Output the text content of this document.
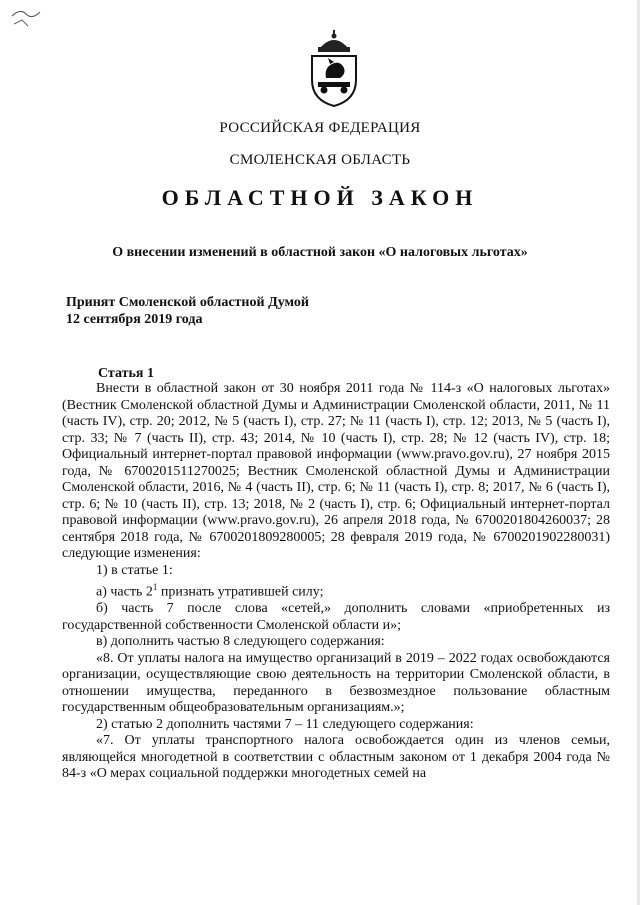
РОССИЙСКАЯ ФЕДЕРАЦИЯ
СМОЛЕНСКАЯ ОБЛАСТЬ
ОБЛАСТНОЙ ЗАКОН
О внесении изменений в областной закон «О налоговых льготах»
Принят Смоленской областной Думой
12 сентября 2019 года
Статья 1

Внести в областной закон от 30 ноября 2011 года № 114-з «О налоговых льготах» (Вестник Смоленской областной Думы и Администрации Смоленской области, 2011, № 11 (часть IV), стр. 20; 2012, № 5 (часть I), стр. 27; № 11 (часть I), стр. 12; 2013, № 5 (часть I), стр. 33; № 7 (часть II), стр. 43; 2014, № 10 (часть I), стр. 28; № 12 (часть IV), стр. 18; Официальный интернет-портал правовой информации (www.pravo.gov.ru), 27 ноября 2015 года, № 6700201511270025; Вестник Смоленской областной Думы и Администрации Смоленской области, 2016, № 4 (часть II), стр. 6; № 11 (часть I), стр. 8; 2017, № 6 (часть I), стр. 6; № 10 (часть II), стр. 13; 2018, № 2 (часть I), стр. 6; Официальный интернет-портал правовой информации (www.pravo.gov.ru), 26 апреля 2018 года, № 6700201804260037; 28 сентября 2018 года, № 6700201809280005; 28 февраля 2019 года, № 6700201902280031) следующие изменения:

1) в статье 1:

а) часть $2^1$ признать утратившей силу;

б) часть 7 после слова «сетей,» дополнить словами «приобретенных из государственной собственности Смоленской области и»;

в) дополнить частью 8 следующего содержания:

«8. От уплаты налога на имущество организаций в 2019 – 2022 годах освобождаются организации, осуществляющие свою деятельность на территории Смоленской области, в отношении имущества, переданного в безвозмездное пользование областным государственным общеобразовательным организациям.»;

2) статью 2 дополнить частями 7 – 11 следующего содержания:

«7. От уплаты транспортного налога освобождается один из членов семьи, являющейся многодетной в соответствии с областным законом от 1 декабря 2004 года № 84-з «О мерах социальной поддержки многодетных семей на
